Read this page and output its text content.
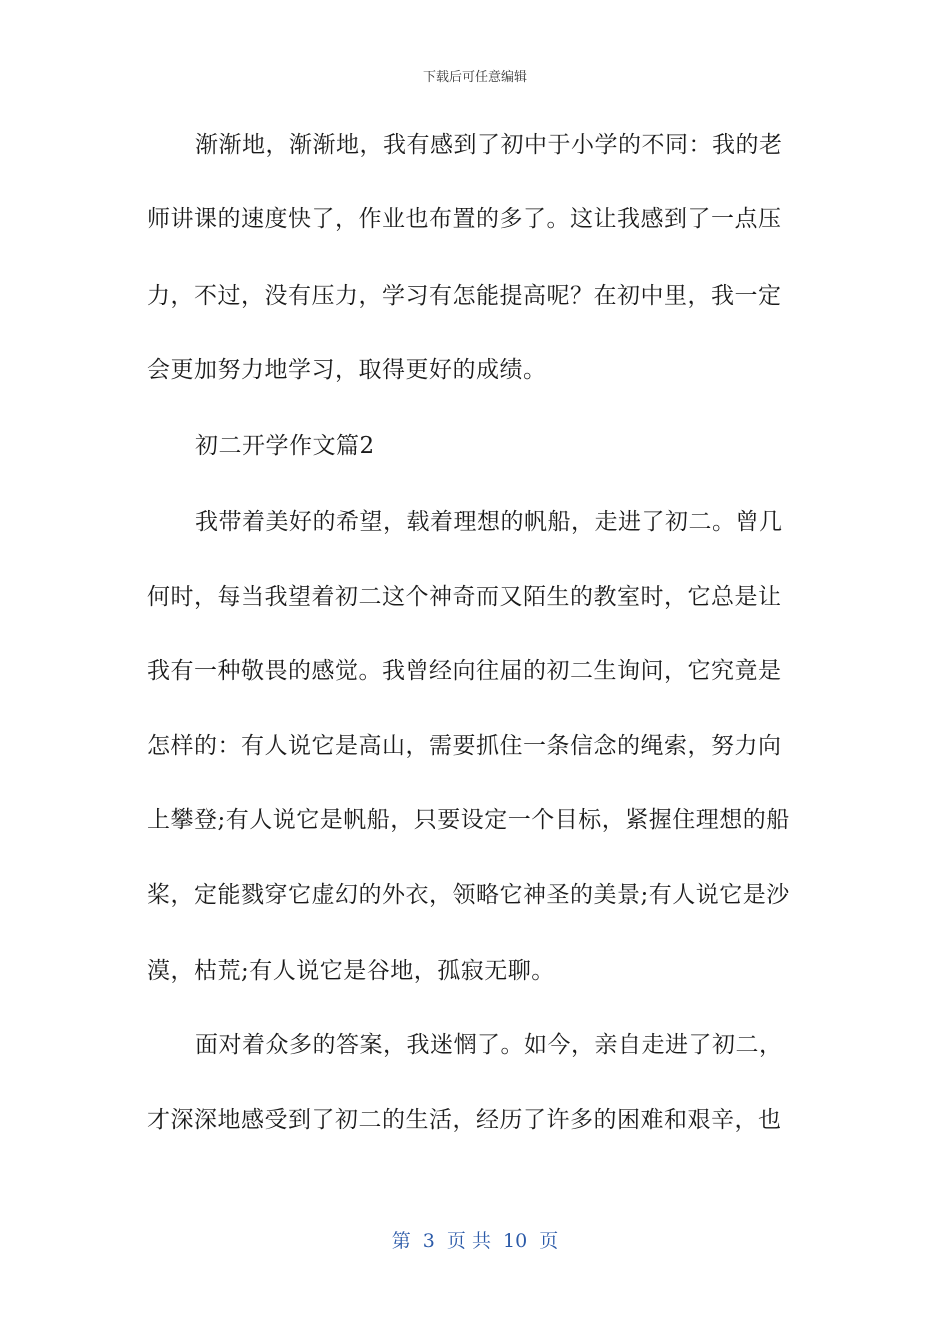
下载后可任意编辑
渐渐地，渐渐地，我有感到了初中于小学的不同：我的老
师讲课的速度快了，作业也布置的多了。这让我感到了一点压
力，不过，没有压力，学习有怎能提高呢？在初中里，我一定
会更加努力地学习，取得更好的成绩。
初二开学作文篇2
我带着美好的希望，载着理想的帆船，走进了初二。曾几
何时，每当我望着初二这个神奇而又陌生的教室时，它总是让
我有一种敬畏的感觉。我曾经向往届的初二生询问，它究竟是
怎样的：有人说它是高山，需要抓住一条信念的绳索，努力向
上攀登;有人说它是帆船，只要设定一个目标，紧握住理想的船
桨，定能戮穿它虚幻的外衣，领略它神圣的美景;有人说它是沙
漠，枯荒;有人说它是谷地，孤寂无聊。
面对着众多的答案，我迷惘了。如今，亲自走进了初二，
才深深地感受到了初二的生活，经历了许多的困难和艰辛，也
第 3 页 共 10 页
